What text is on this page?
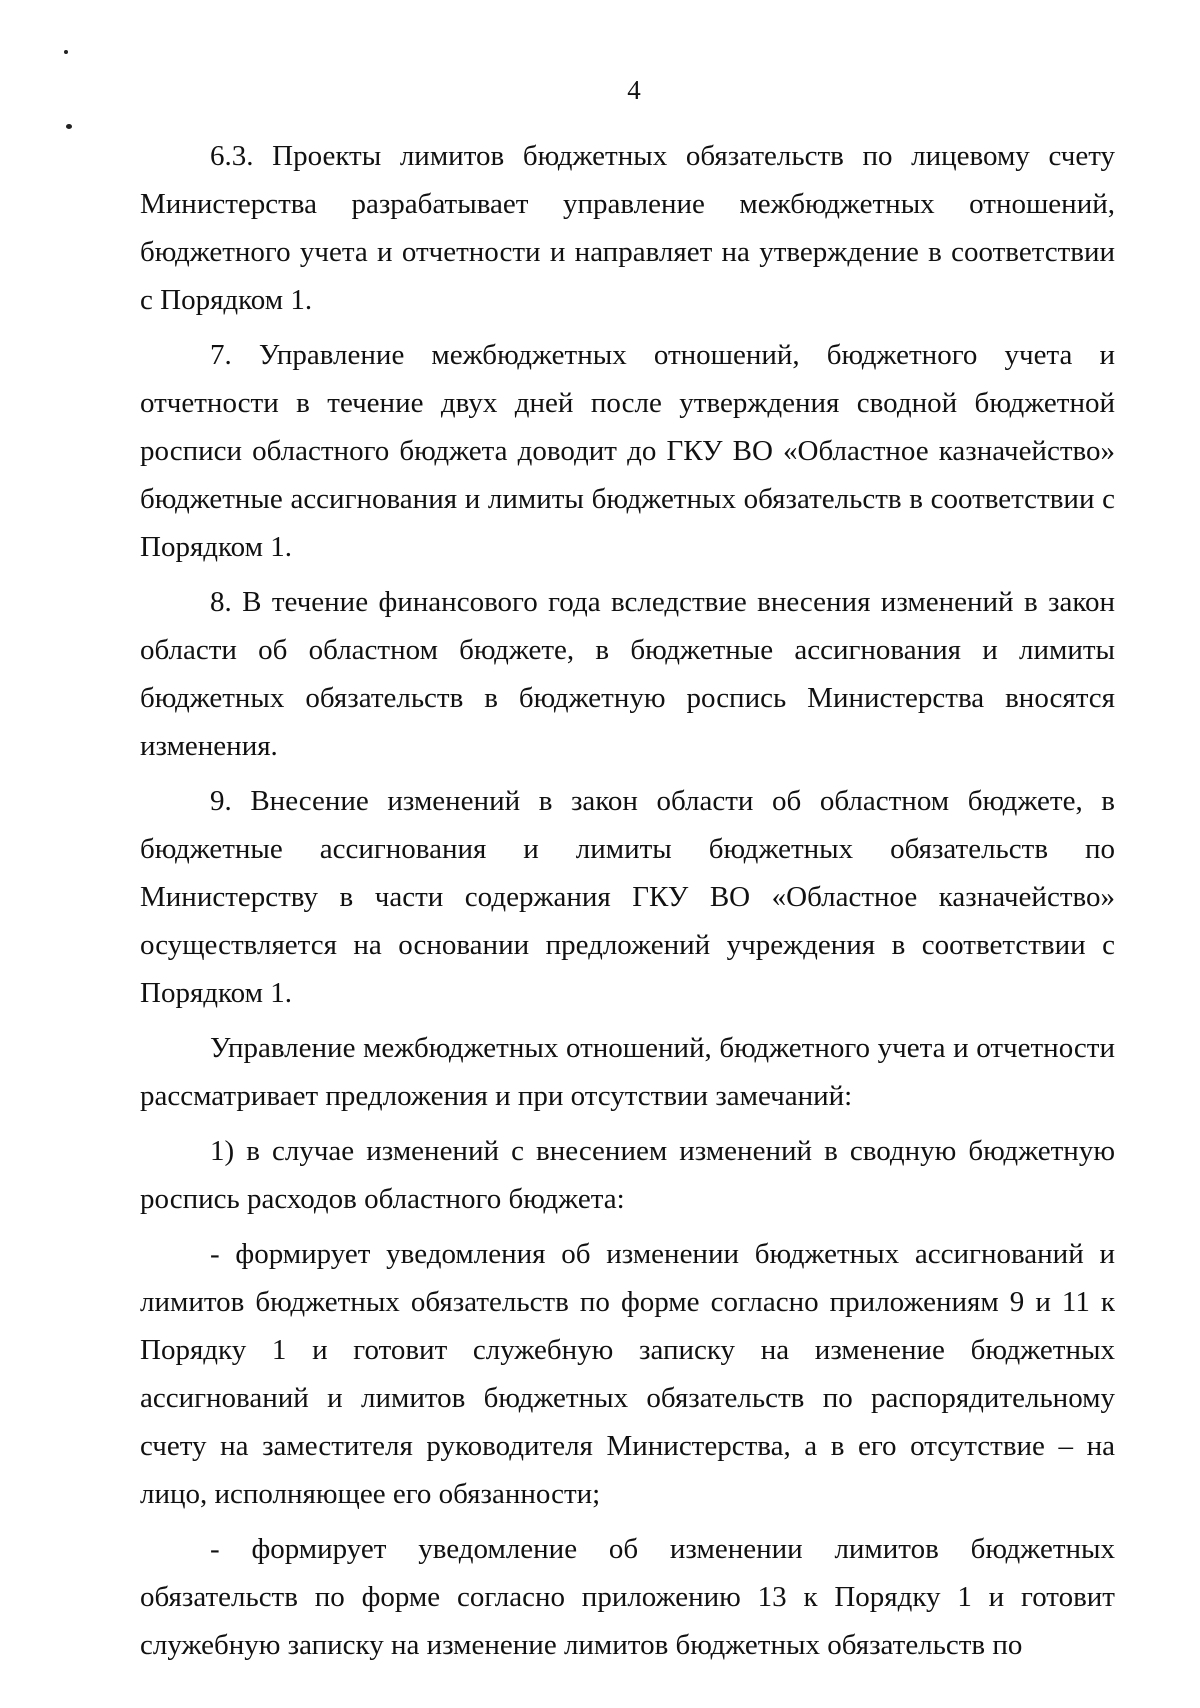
4

6.3. Проекты лимитов бюджетных обязательств по лицевому счету Министерства разрабатывает управление межбюджетных отношений, бюджетного учета и отчетности и направляет на утверждение в соответствии с Порядком 1.

7. Управление межбюджетных отношений, бюджетного учета и отчетности в течение двух дней после утверждения сводной бюджетной росписи областного бюджета доводит до ГКУ ВО «Областное казначейство» бюджетные ассигнования и лимиты бюджетных обязательств в соответствии с Порядком 1.

8. В течение финансового года вследствие внесения изменений в закон области об областном бюджете, в бюджетные ассигнования и лимиты бюджетных обязательств в бюджетную роспись Министерства вносятся изменения.

9. Внесение изменений в закон области об областном бюджете, в бюджетные ассигнования и лимиты бюджетных обязательств по Министерству в части содержания ГКУ ВО «Областное казначейство» осуществляется на основании предложений учреждения в соответствии с Порядком 1.

Управление межбюджетных отношений, бюджетного учета и отчетности рассматривает предложения и при отсутствии замечаний:

1) в случае изменений с внесением изменений в сводную бюджетную роспись расходов областного бюджета:

- формирует уведомления об изменении бюджетных ассигнований и лимитов бюджетных обязательств по форме согласно приложениям 9 и 11 к Порядку 1 и готовит служебную записку на изменение бюджетных ассигнований и лимитов бюджетных обязательств по распорядительному счету на заместителя руководителя Министерства, а в его отсутствие – на лицо, исполняющее его обязанности;

- формирует уведомление об изменении лимитов бюджетных обязательств по форме согласно приложению 13 к Порядку 1 и готовит служебную записку на изменение лимитов бюджетных обязательств по
